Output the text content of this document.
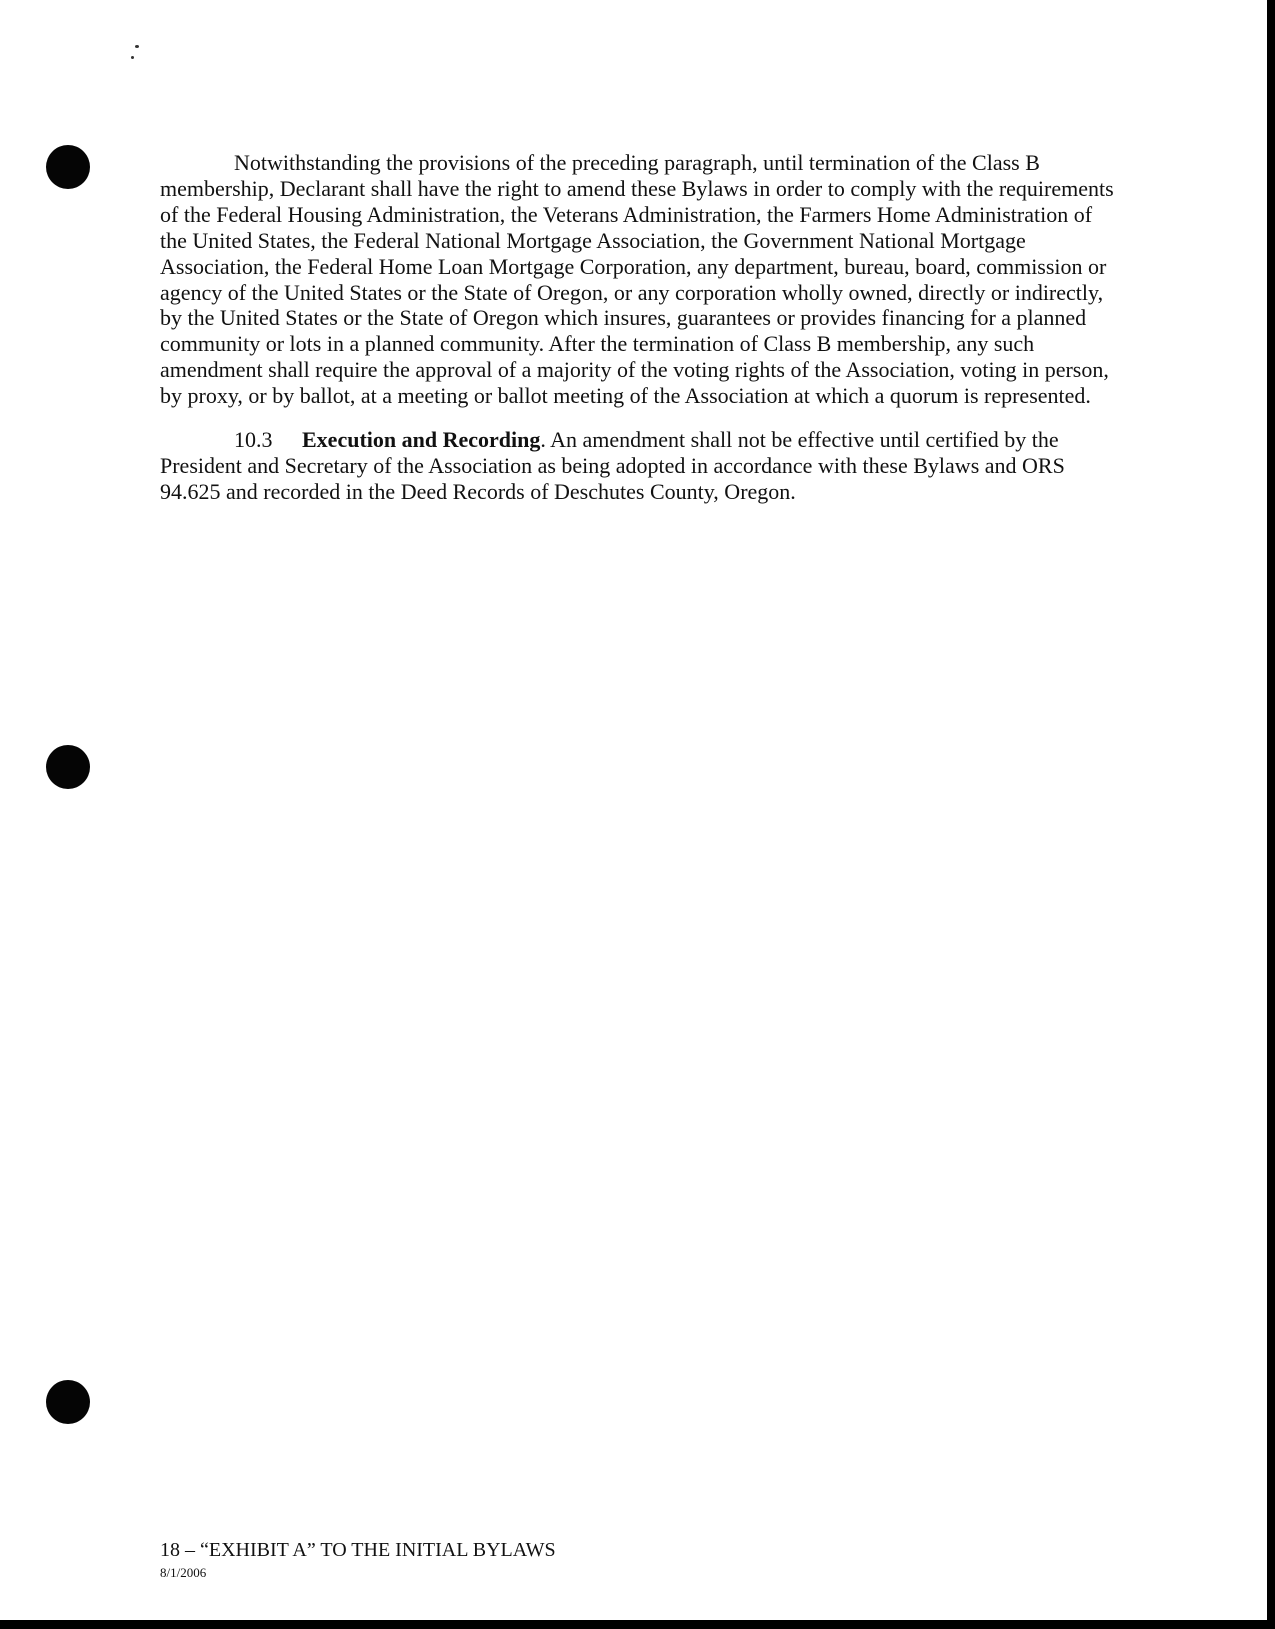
Notwithstanding the provisions of the preceding paragraph, until termination of the Class B membership, Declarant shall have the right to amend these Bylaws in order to comply with the requirements of the Federal Housing Administration, the Veterans Administration, the Farmers Home Administration of the United States, the Federal National Mortgage Association, the Government National Mortgage Association, the Federal Home Loan Mortgage Corporation, any department, bureau, board, commission or agency of the United States or the State of Oregon, or any corporation wholly owned, directly or indirectly, by the United States or the State of Oregon which insures, guarantees or provides financing for a planned community or lots in a planned community. After the termination of Class B membership, any such amendment shall require the approval of a majority of the voting rights of the Association, voting in person, by proxy, or by ballot, at a meeting or ballot meeting of the Association at which a quorum is represented.

10.3 Execution and Recording. An amendment shall not be effective until certified by the President and Secretary of the Association as being adopted in accordance with these Bylaws and ORS 94.625 and recorded in the Deed Records of Deschutes County, Oregon.

18 – “EXHIBIT A” TO THE INITIAL BYLAWS
8/1/2006
